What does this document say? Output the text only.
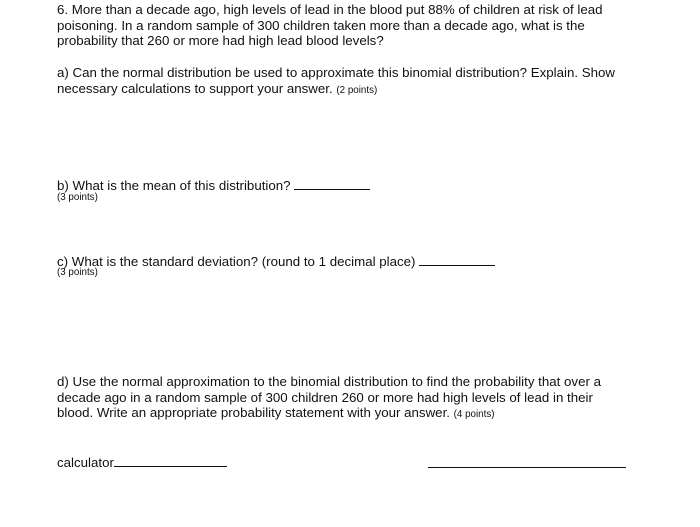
6. More than a decade ago, high levels of lead in the blood put 88% of children at risk of lead
poisoning. In a random sample of 300 children taken more than a decade ago, what is the
probability that 260 or more had high lead blood levels?

a) Can the normal distribution be used to approximate this binomial distribution? Explain. Show
necessary calculations to support your answer. (2 points)

b) What is the mean of this distribution?

(3 points)

c) What is the standard deviation? (round to 1 decimal place)

(3 points)

d) Use the normal approximation to the binomial distribution to find the probability that over a
decade ago in a random sample of 300 children 260 or more had high levels of lead in their
blood. Write an appropriate probability statement with your answer. (4 points)

calculator
